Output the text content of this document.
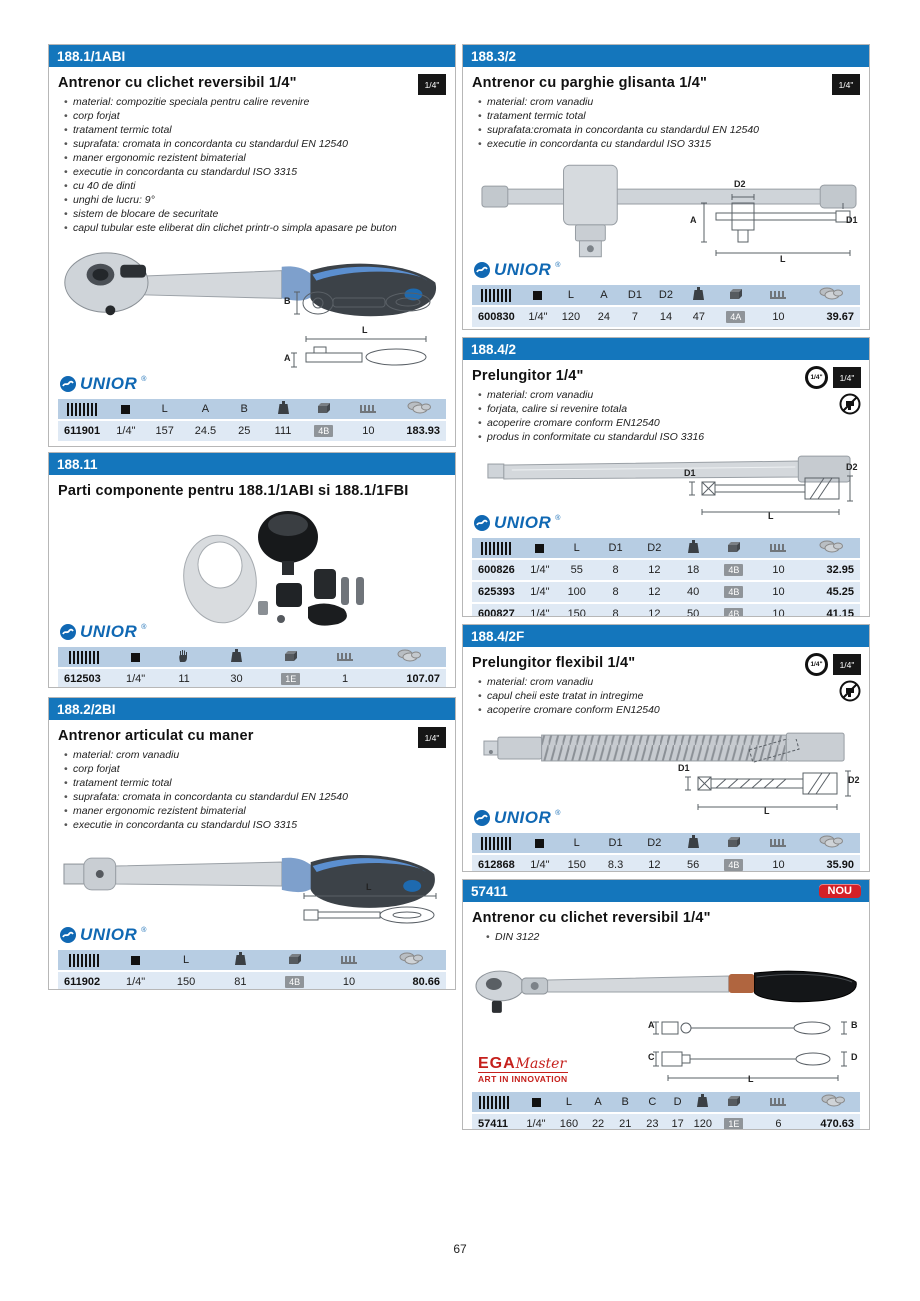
188.1/1ABI
Antrenor cu clichet reversibil 1/4"	1/4"
• material: compozitie speciala pentru calire revenire
• corp forjat
• tratament termic total
• suprafata: cromata in concordanta cu standardul EN 12540
• maner ergonomic rezistent bimaterial
• executie in concordanta cu standardul ISO 3315
• cu 40 de dinti
• unghi de lucru: 9°
• sistem de blocare de securitate
• capul tubular este eliberat din clichet printr-o simpla apasare pe buton
B
L
A
UNIOR ®
		L	A	B				
611901	1/4"	157	24.5	25	111	4B	10	183.93
188.11
Parti componente pentru 188.1/1ABI si 188.1/1FBI
UNIOR ®

612503	1/4"	11	30	1E	1	107.07
188.2/2BI
Antrenor articulat cu maner	1/4"
• material: crom vanadiu
• corp forjat
• tratament termic total
• suprafata: cromata in concordanta cu standardul EN 12540
• maner ergonomic rezistent bimaterial
• executie in concordanta cu standardul ISO 3315
L
UNIOR ®
		L				
611902	1/4"	150	81	4B	10	80.66
188.3/2
Antrenor cu parghie glisanta 1/4"	1/4"
• material: crom vanadiu
• tratament termic total
• suprafata:cromata in concordanta cu standardul EN 12540
• executie in concordanta cu standardul ISO 3315
D2
A	D1
L
UNIOR ®
		L	A	D1	D2				
600830	1/4"	120	24	7	14	47	4A	10	39.67
188.4/2
Prelungitor 1/4"	1/4"	1/4"
• material: crom vanadiu
• forjata, calire si revenire totala
• acoperire cromare conform EN12540
• produs in conformitate cu standardul ISO 3316
D1
D2
L
UNIOR ®
		L	D1	D2				
600826	1/4"	55	8	12	18	4B	10	32.95
625393	1/4"	100	8	12	40	4B	10	45.25
600827	1/4"	150	8	12	50	4B	10	41.15
188.4/2F
Prelungitor flexibil 1/4"	1/4"	1/4"
• material: crom vanadiu
• capul cheii este tratat in intregime
• acoperire cromare conform EN12540
D1
D2
L
UNIOR ®
		L	D1	D2				
612868	1/4"	150	8.3	12	56	4B	10	35.90
57411	NOU
Antrenor cu clichet reversibil 1/4"
• DIN 3122
EGAMaster
ART IN INNOVATION
A	B
C	D
L
		L	A	B	C	D				
57411	1/4"	160	22	21	23	17	120	1E	6	470.63
67
